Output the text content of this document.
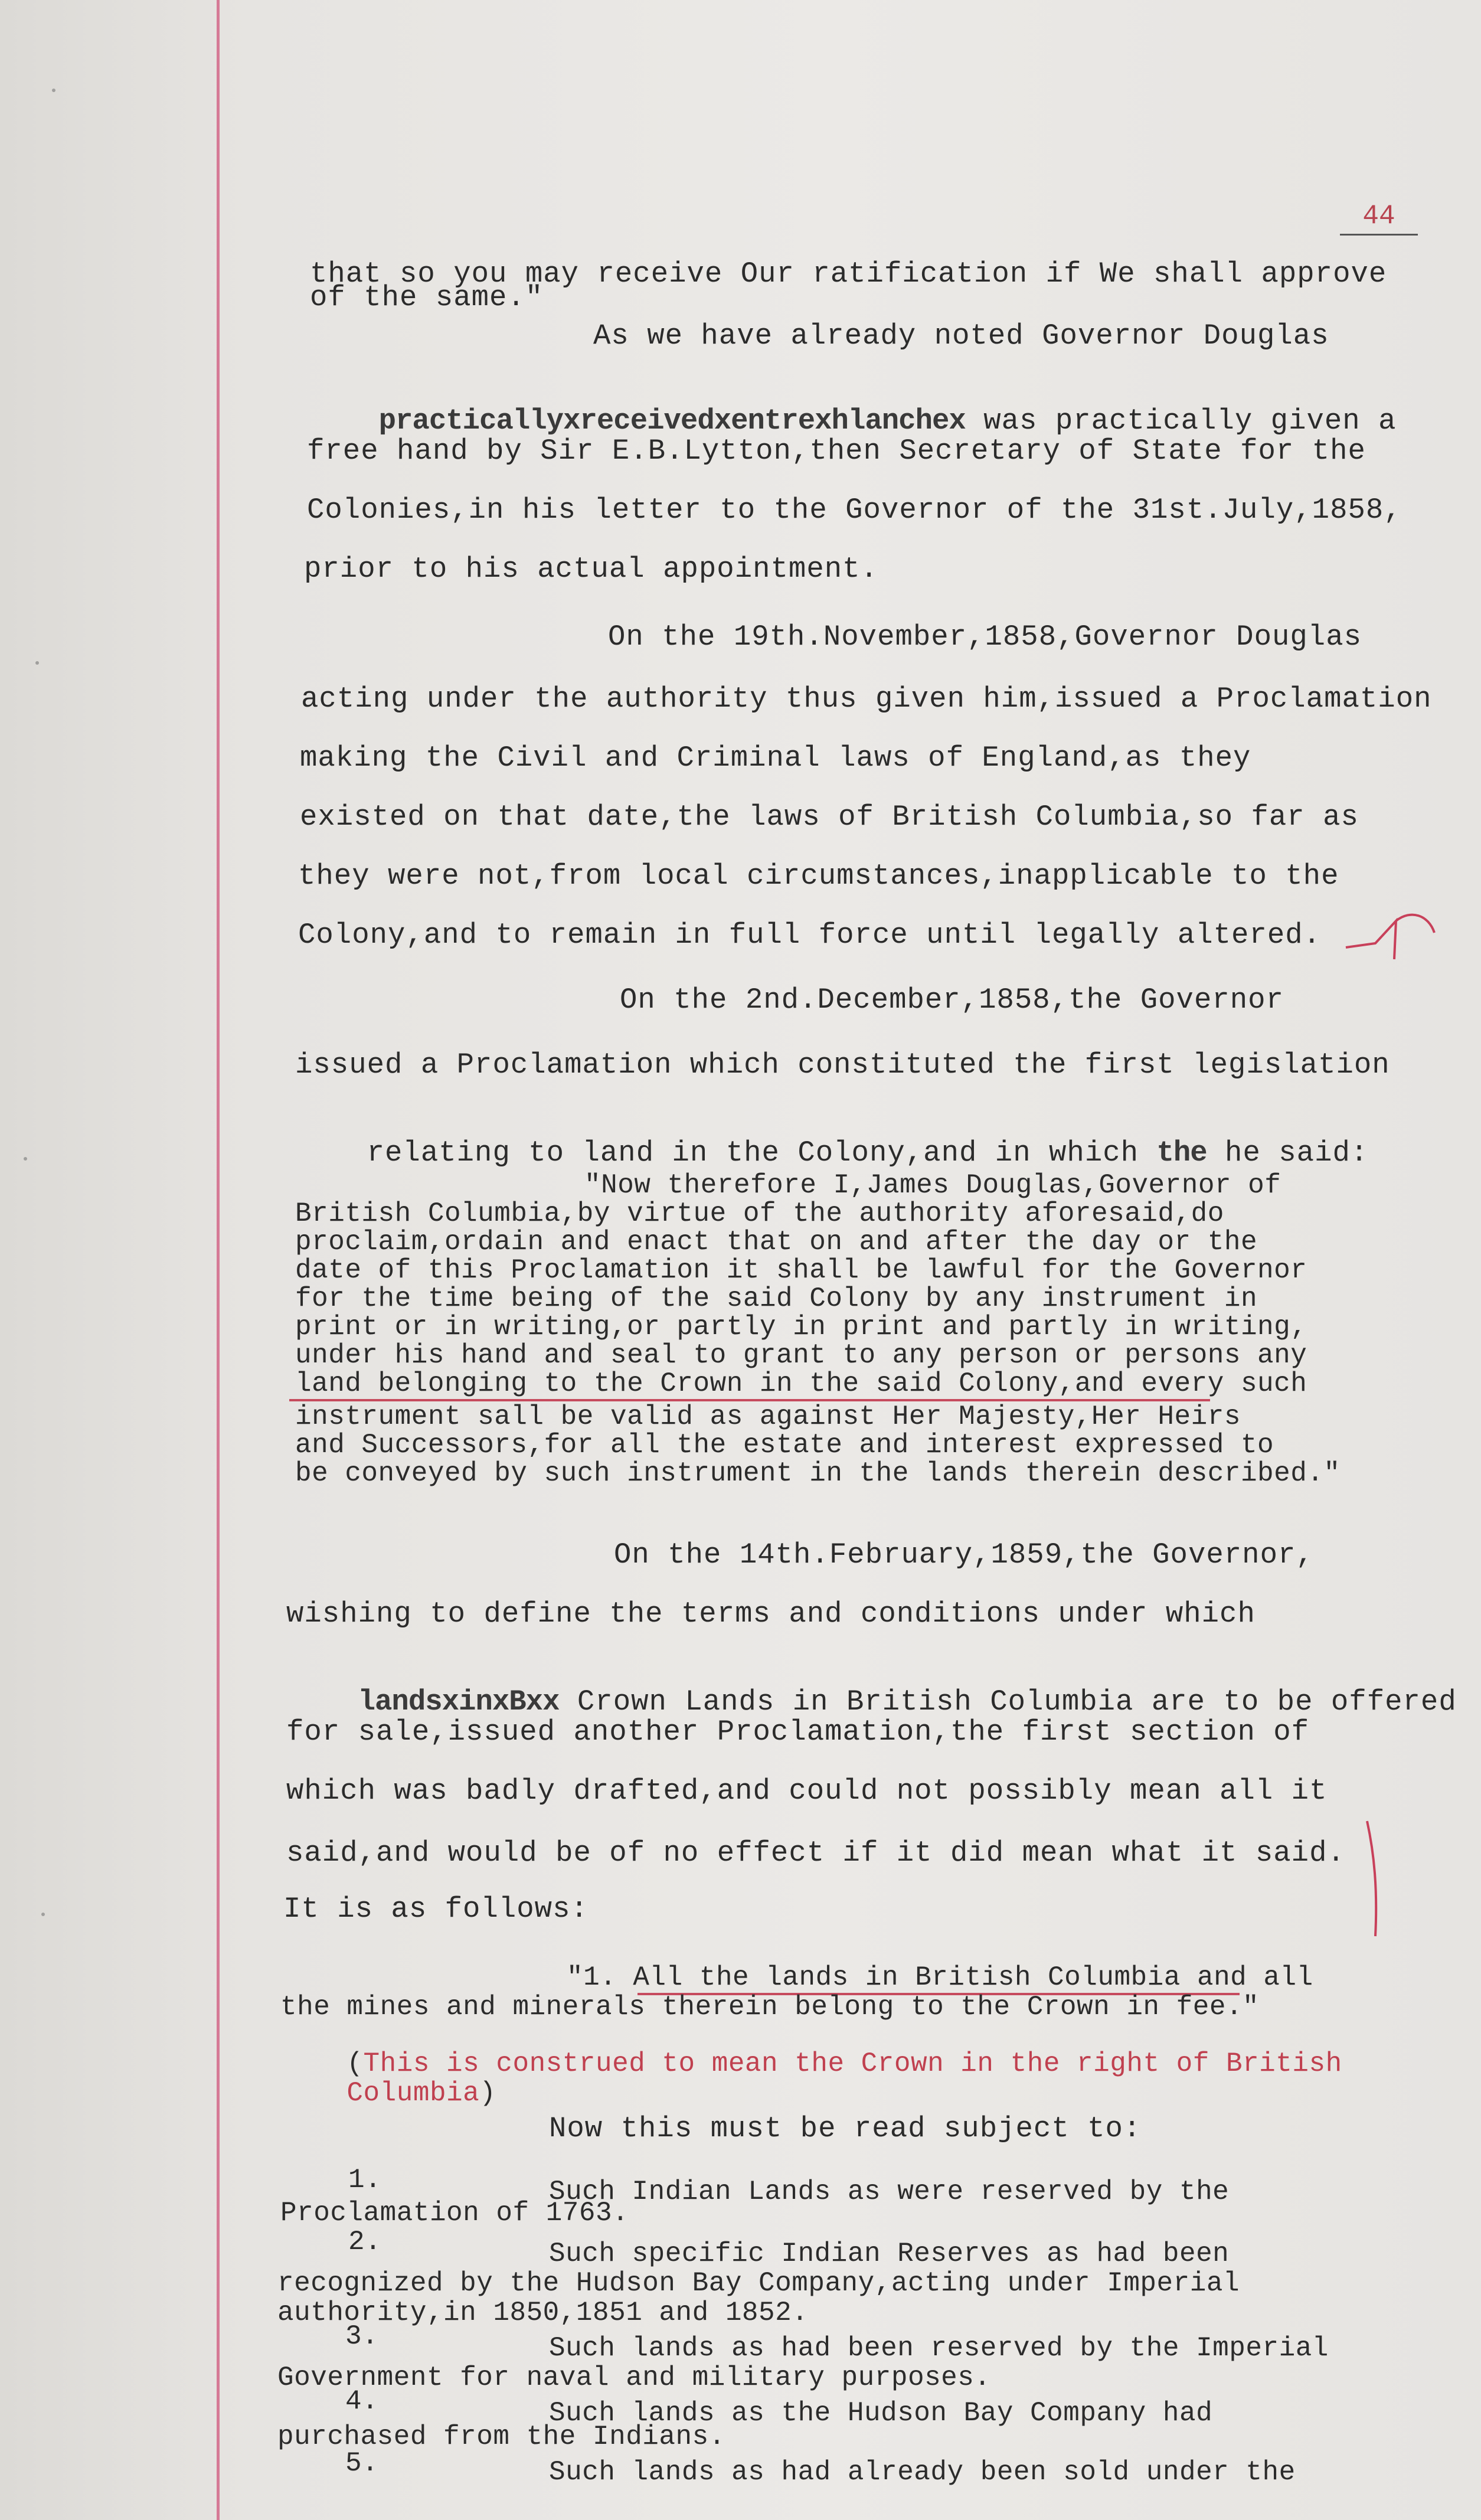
44
that so you may receive Our ratification if We shall approve
of the same."
As we have already noted Governor Douglas

practicallyxreceivedxentrexhlanchex was practically given a

free hand by Sir E.B.Lytton,then Secretary of State for the
Colonies,in his letter to the Governor of the 31st.July,1858,
prior to his actual appointment.
On the 19th.November,1858,Governor Douglas
acting under the authority thus given him,issued a Proclamation
making the Civil and Criminal laws of England,as they
existed on that date,the laws of British Columbia,so far as
they were not,from local circumstances,inapplicable to the
Colony,and to remain in full force until legally altered.
On the 2nd.December,1858,the Governor
issued a Proclamation which constituted the first legislation

relating to land in the Colony,and in which the he said:

"Now therefore I,James Douglas,Governor of
British Columbia,by virtue of the authority aforesaid,do
proclaim,ordain and enact that on and after the day or the
date of this Proclamation it shall be lawful for the Governor
for the time being of the said Colony by any instrument in
print or in writing,or partly in print and partly in writing,
under his hand and seal to grant to any person or persons any
land belonging to the Crown in the said Colony,and every such
instrument sall be valid as against Her Majesty,Her Heirs
and Successors,for all the estate and interest expressed to
be conveyed by such instrument in the lands therein described."
On the 14th.February,1859,the Governor,
wishing to define the terms and conditions under which

landsxinxBxx Crown Lands in British Columbia are to be offered

for sale,issued another Proclamation,the first section of
which was badly drafted,and could not possibly mean all it
said,and would be of no effect if it did mean what it said.
It is as follows:
"1. All the lands in British Columbia and all
the mines and minerals therein belong to the Crown in fee."

(This is construed to mean the Crown in the right of British

Columbia)

Now this must be read subject to:
1.	Such Indian Lands as were reserved by the
Proclamation of 1763.
2.	Such specific Indian Reserves as had been
recognized by the Hudson Bay Company,acting under Imperial
authority,in 1850,1851 and 1852.
3.	Such lands as had been reserved by the Imperial
Government for naval and military purposes.
4.	Such lands as the Hudson Bay Company had
purchased from the Indians.
5.	Such lands as had already been sold under the
